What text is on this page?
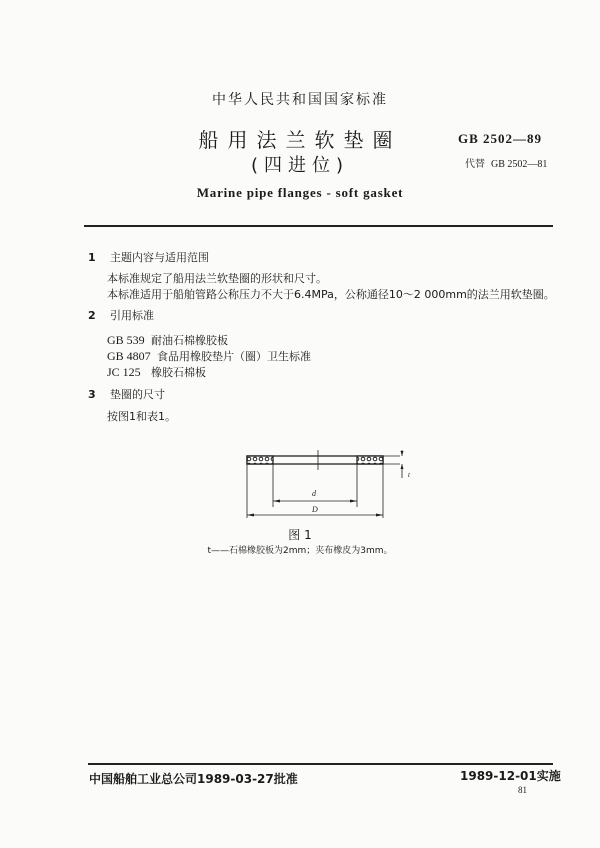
中华人民共和国国家标准
船用法兰软垫圈
(四进位)
Marine pipe flanges - soft gasket
GB 2502—89
代替 GB 2502—81
1 主题内容与适用范围
本标准规定了船用法兰软垫圈的形状和尺寸。
本标准适用于船舶管路公称压力不大于6.4MPa，公称通径10～2 000mm的法兰用软垫圈。
2 引用标准
GB 539 耐油石棉橡胶板
GB 4807 食品用橡胶垫片（圈）卫生标准
JC 125 橡胶石棉板
3 垫圈的尺寸
按图1和表1。
d
D
t
图 1
t——石棉橡胶板为2mm；夹布橡皮为3mm。
中国船舶工业总公司1989-03-27批准	1989-12-01实施
81
